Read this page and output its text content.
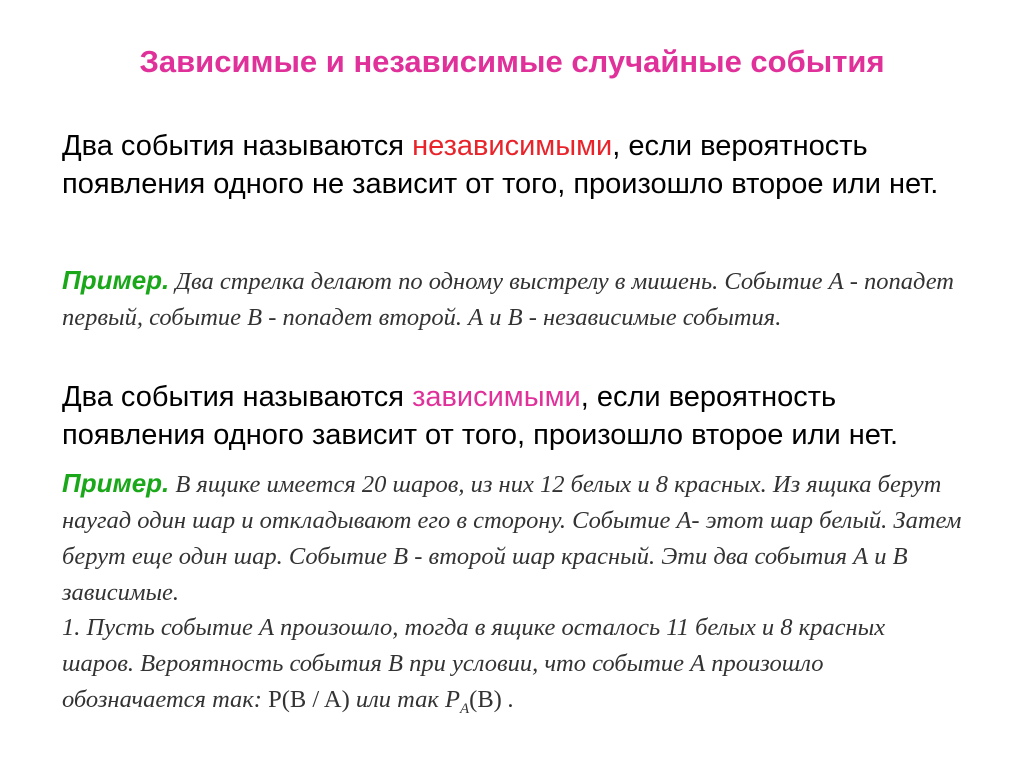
Зависимые и независимые случайные события
Два события называются независимыми, если вероятность появления одного не зависит от того, произошло второе или нет.
Пример. Два стрелка делают по одному выстрелу в мишень. Событие А - попадет первый, событие В - попадет второй. А и В - независимые события.
Два события называются зависимыми, если вероятность появления одного зависит от того, произошло второе или нет.
Пример. В ящике имеется 20 шаров, из них 12 белых и 8 красных. Из ящика берут наугад один шар и откладывают его в сторону. Событие А- этот шар белый. Затем берут еще один шар. Событие В - второй шар красный. Эти два события А и В зависимые.
1. Пусть событие А произошло, тогда в ящике осталось 11 белых и 8 красных шаров. Вероятность события В при условии, что событие А произошло обозначается так: P(B / A) или так $P_A(B)$ .
